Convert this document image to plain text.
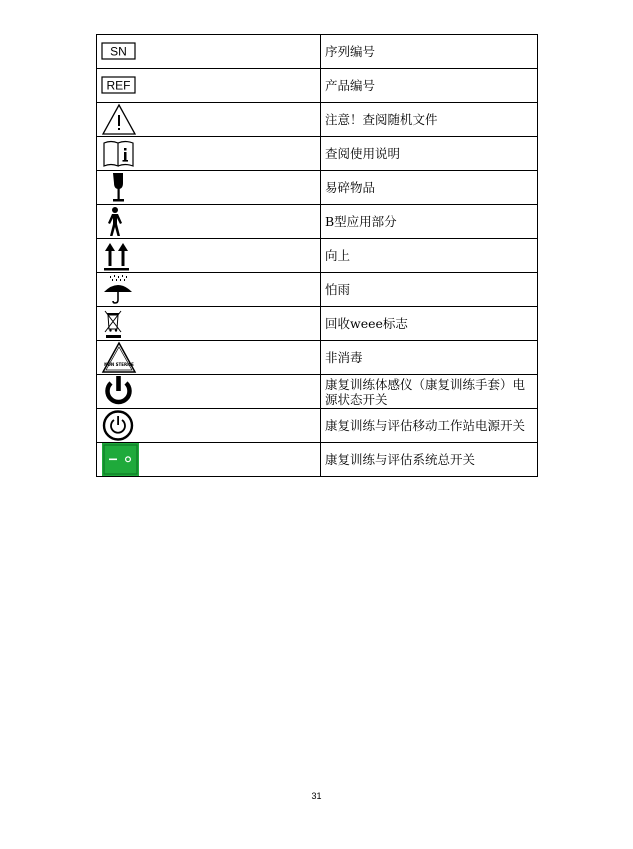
SN	序列编号

REF	产品编号

	注意！查阅随机文件

	查阅使用说明

	易碎物品

	B型应用部分

	向上

	怕雨

	回收weee标志

NON STERILE	非消毒

	康复训练体感仪（康复训练手套）电源状态开关

	康复训练与评估移动工作站电源开关

	康复训练与评估系统总开关
31
